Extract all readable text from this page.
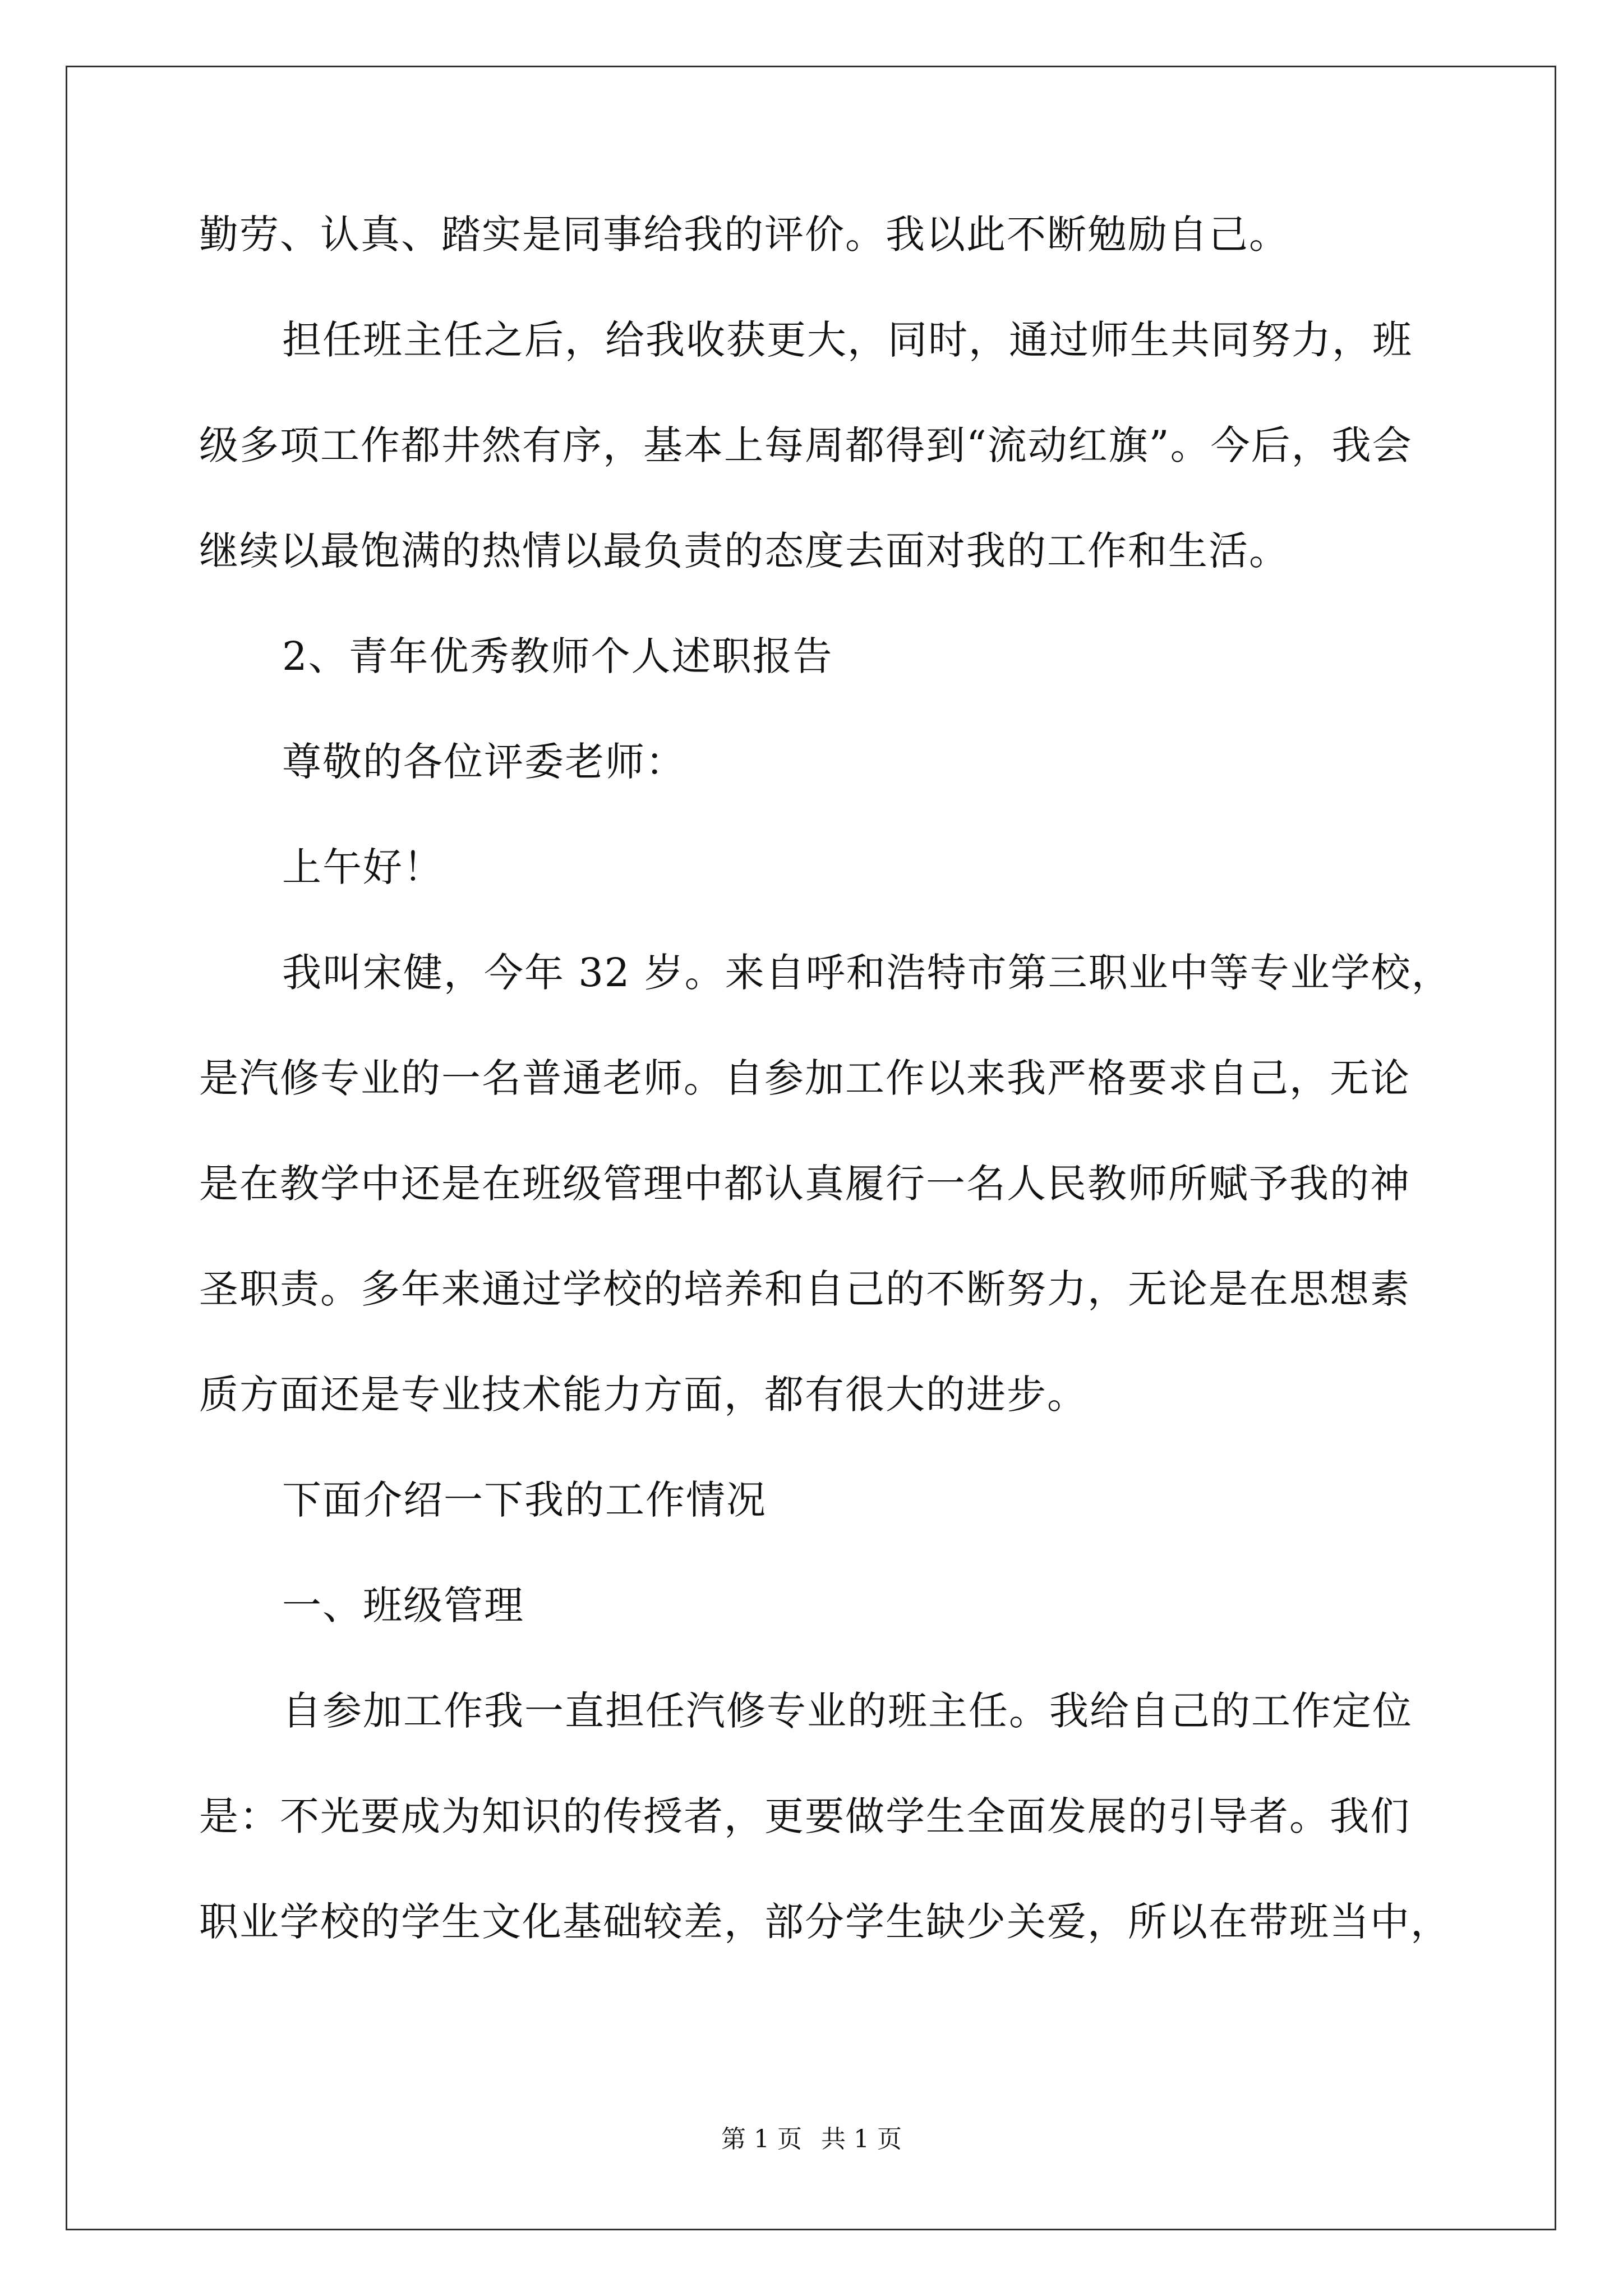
勤劳、认真、踏实是同事给我的评价。我以此不断勉励自己。

担任班主任之后，给我收获更大，同时，通过师生共同努力，班

级多项工作都井然有序，基本上每周都得到“流动红旗”。今后，我会

继续以最饱满的热情以最负责的态度去面对我的工作和生活。

2、青年优秀教师个人述职报告

尊敬的各位评委老师：

上午好！

我叫宋健，今年 32 岁。来自呼和浩特市第三职业中等专业学校，

是汽修专业的一名普通老师。自参加工作以来我严格要求自己，无论

是在教学中还是在班级管理中都认真履行一名人民教师所赋予我的神

圣职责。多年来通过学校的培养和自己的不断努力，无论是在思想素

质方面还是专业技术能力方面，都有很大的进步。

下面介绍一下我的工作情况

一、班级管理

自参加工作我一直担任汽修专业的班主任。我给自己的工作定位

是：不光要成为知识的传授者，更要做学生全面发展的引导者。我们

职业学校的学生文化基础较差，部分学生缺少关爱，所以在带班当中，

第 1 页 共 1 页
